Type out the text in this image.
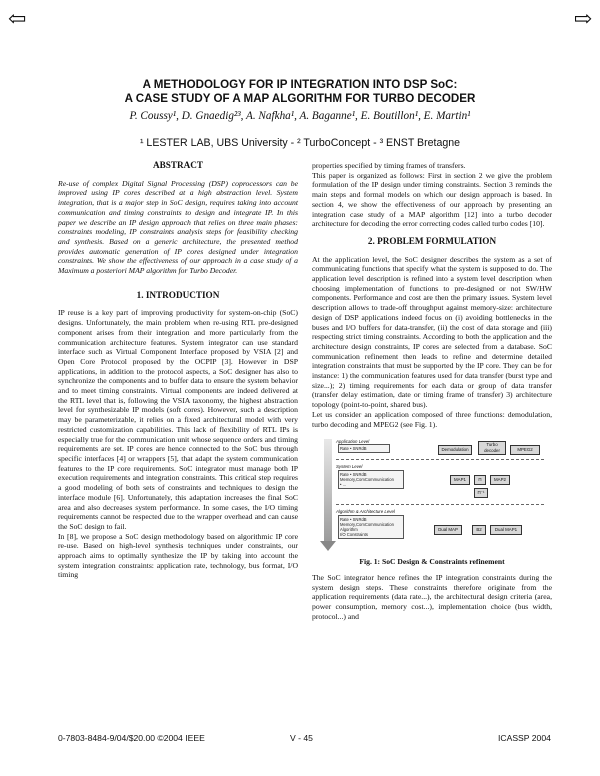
⇦	⇨
A METHODOLOGY FOR IP INTEGRATION INTO DSP SoC:
A CASE STUDY OF A MAP ALGORITHM FOR TURBO DECODER
P. Coussy¹, D. Gnaedig²³, A. Nafkha¹, A. Baganne¹, E. Boutillon¹, E. Martin¹
¹ LESTER LAB, UBS University - ² TurboConcept - ³ ENST Bretagne
ABSTRACT

Re-use of complex Digital Signal Processing (DSP) coprocessors can be improved using IP cores described at a high abstraction level. System integration, that is a major step in SoC design, requires taking into account communication and timing constraints to design and integrate IP. In this paper we describe an IP design approach that relies on three main phases: constraints modeling, IP constraints analysis steps for feasibility checking and synthesis. Based on a generic architecture, the presented method provides automatic generation of IP cores designed under integration constraints. We show the effectiveness of our approach in a case study of a Maximum a posteriori MAP algorithm for Turbo Decoder.

1. INTRODUCTION

IP reuse is a key part of improving productivity for system-on-chip (SoC) designs. Unfortunately, the main problem when re-using RTL pre-designed component arises from their integration and more particularly from the communication architecture features. System integrator can use standard interface such as Virtual Component Interface proposed by VSIA [2] and Open Core Protocol proposed by the OCPIP [3]. However in DSP applications, in addition to the protocol aspects, a SoC designer has also to synchronize the components and to buffer data to ensure the system behavior and to meet timing constraints. Virtual components are indeed delivered at the RTL level that is, following the VSIA taxonomy, the highest abstraction level for synthesizable IP models (soft cores). However, such a description may be parameterizable, it relies on a fixed architectural model with very restricted customization capabilities. This lack of flexibility of RTL IPs is especially true for the communication unit whose sequence orders and timing requirements are set. IP cores are hence connected to the SoC bus through specific interfaces [4] or wrappers [5], that adapt the system communication features to the IP core requirements. SoC integrator must manage both IP execution requirements and integration constraints. This critical step requires a good modeling of both sets of constraints and techniques to design the interface module [6]. Unfortunately, this adaptation increases the final SoC area and also decreases system performance. In some cases, the I/O timing requirements cannot be respected due to the wrapper overhead and can cause the SoC design to fail.

In [8], we propose a SoC design methodology based on algorithmic IP core re-use. Based on high-level synthesis techniques under constraints, our approach aims to optimally synthesize the IP by taking into account the system integration constraints: application rate, technology, bus format, I/O timing

properties specified by timing frames of transfers.

This paper is organized as follows: First in section 2 we give the problem formulation of the IP design under timing constraints. Section 3 reminds the main steps and formal models on which our design approach is based. In section 4, we show the effectiveness of our approach by presenting an integration case study of a MAP algorithm [12] into a turbo decoder architecture for decoding the error correcting codes called turbo codes [10].

2. PROBLEM FORMULATION

At the application level, the SoC designer describes the system as a set of communicating functions that specify what the system is supposed to do. The application level description is refined into a system level description when choosing implementation of functions to pre-designed or not SW/HW components. Performance and cost are then the primary issues. System level description allows to trade-off throughput against memory-size: architecture design of DSP applications indeed focus on (i) avoiding bottlenecks in the buses and I/O buffers for data-transfer, (ii) the cost of data storage and (iii) respecting strict timing constraints. According to both the application and the architecture design constraints, IP cores are selected from a database. SoC communication refinement then leads to refine and determine detailed integration constraints that must be supported by the IP core. They can be for instance: 1) the communication features used for data transfer (burst type and size...); 2) timing requirements for each data or group of data transfer (transfer delay estimation, date or timing frame of transfer) 3) architecture topology (point-to-point, shared bus).

Let us consider an application composed of three functions: demodulation, turbo decoding and MPEG2 (see Fig. 1).

Application Level
Rate • SNRdB	Demodulation
Turbo
decoder	MPEG2
System Level
Rate • SNRdB
Memory,ComCommunication
• ...
MAP1	Π	MAP2
Π⁻¹
Algorithm & Architecture Level
Rate • SNRdB
Memory,ComCommunication
Algorithm
I/O Constraints
Dual MAP	B2	Dual MAP1
Fig. 1: SoC Design & Constraints refinement

The SoC integrator hence refines the IP integration constraints during the system design steps. These constraints therefore originate from the application requirements (data rate...), the architectural design criteria (area, power consumption, memory cost...), implementation choice (bus width, protocol...) and

0-7803-8484-9/04/$20.00 ©2004 IEEE	V - 45	ICASSP 2004
